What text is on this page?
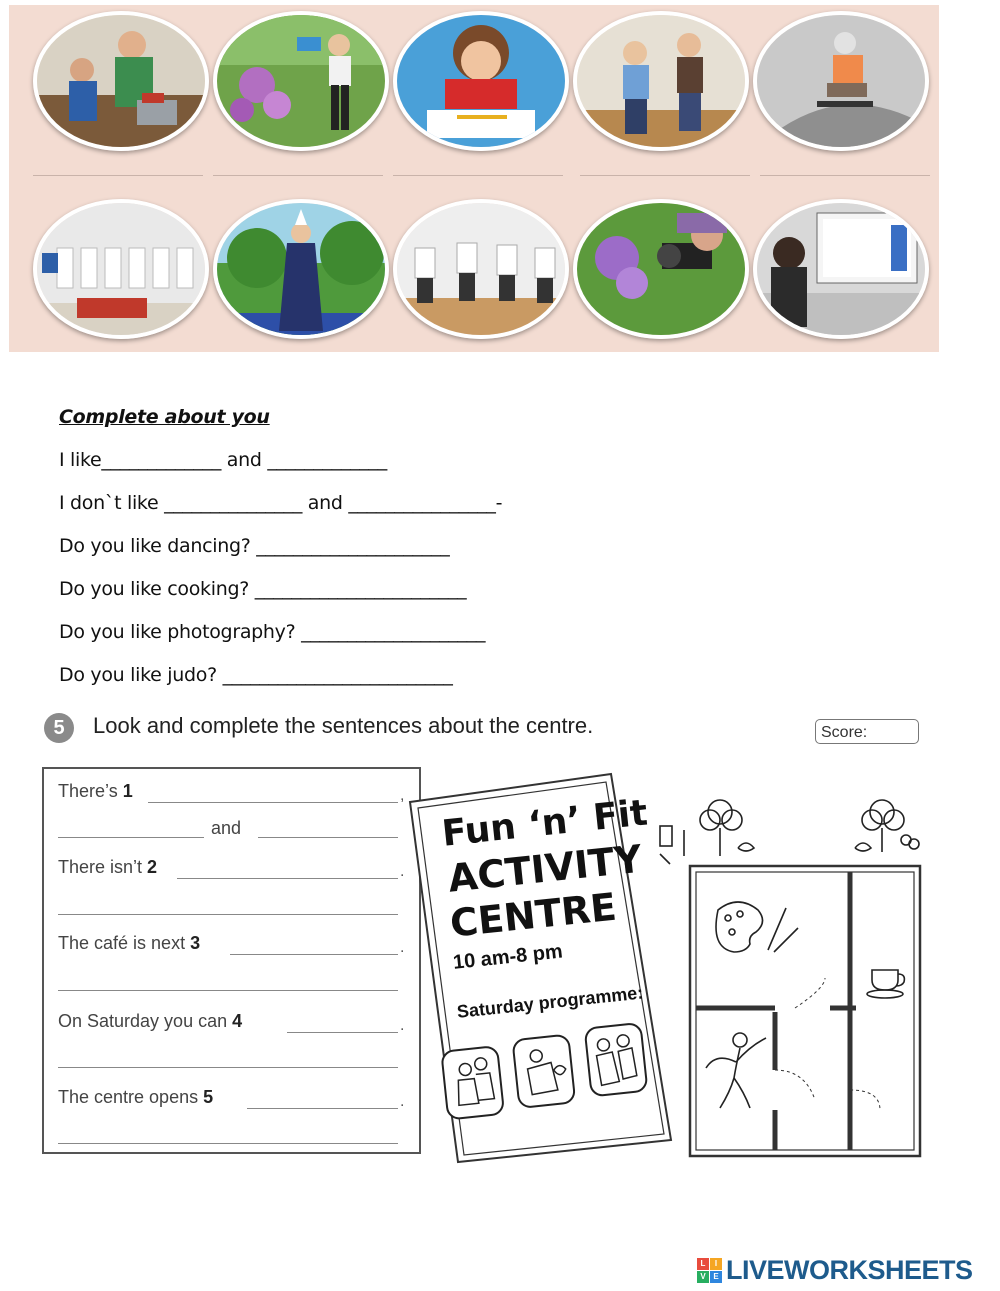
Complete about you
I like_____________ and _____________
I don`t like _______________ and ________________-
Do you like dancing? _____________________
Do you like cooking? _______________________
Do you like photography? ____________________
Do you like judo? _________________________
5	Look and complete the sentences about the centre.	Score:
There’s 1	,
and
There isn’t 2	.
The café is next 3	.
On Saturday you can 4	.
The centre opens 5	.
Fun ‘n’ Fit
ACTIVITY
CENTRE
10 am-8 pm
Saturday programme:
L	I
V E LIVEWORKSHEETS
